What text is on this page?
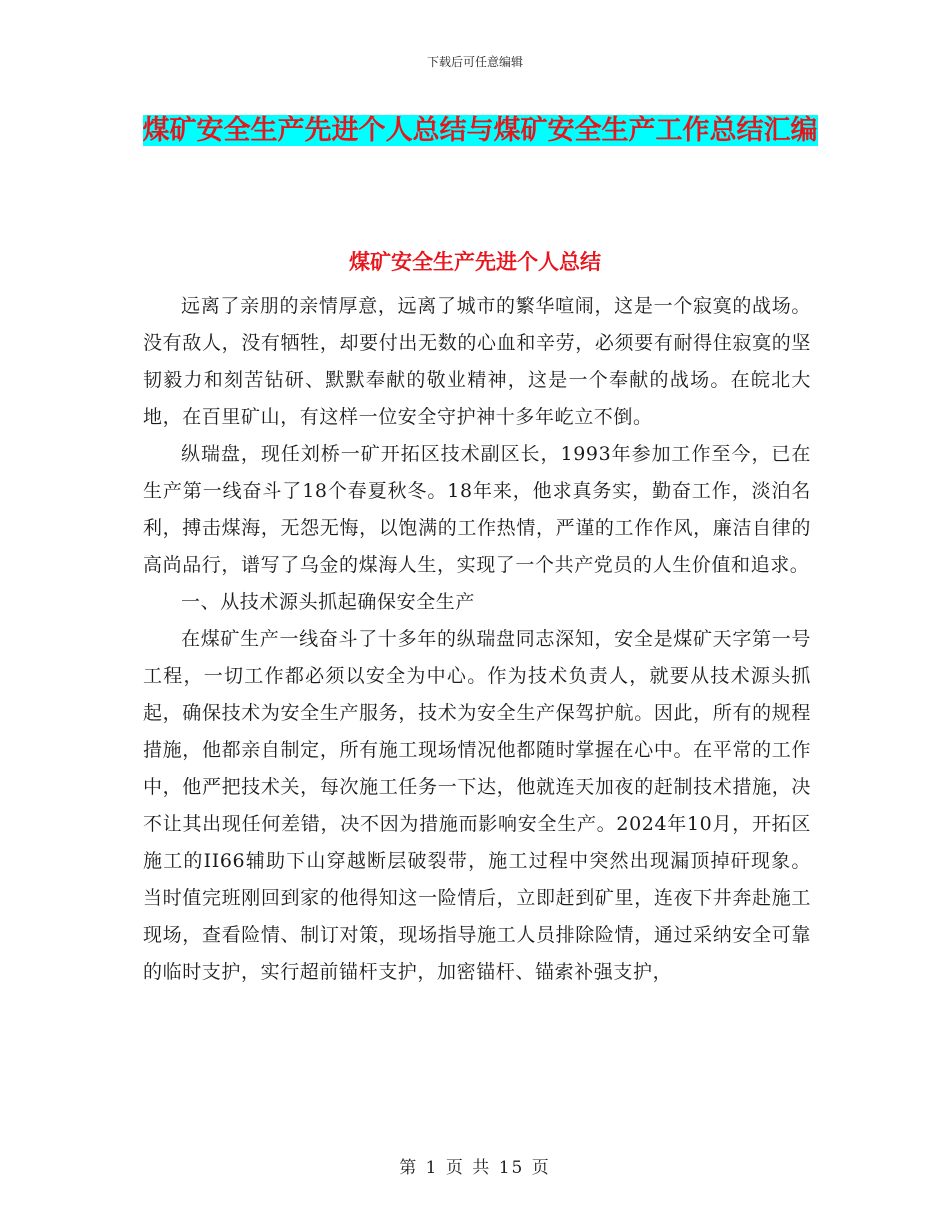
下载后可任意编辑
煤矿安全生产先进个人总结与煤矿安全生产工作总结汇编
煤矿安全生产先进个人总结

远离了亲朋的亲情厚意，远离了城市的繁华喧闹，这是一个寂寞的战场。没有敌人，没有牺牲，却要付出无数的心血和辛劳，必须要有耐得住寂寞的坚韧毅力和刻苦钻研、默默奉献的敬业精神，这是一个奉献的战场。在皖北大地，在百里矿山，有这样一位安全守护神十多年屹立不倒。

纵瑞盘，现任刘桥一矿开拓区技术副区长，1993年参加工作至今，已在生产第一线奋斗了18个春夏秋冬。18年来，他求真务实，勤奋工作，淡泊名利，搏击煤海，无怨无悔，以饱满的工作热情，严谨的工作作风，廉洁自律的高尚品行，谱写了乌金的煤海人生，实现了一个共产党员的人生价值和追求。

一、从技术源头抓起确保安全生产

在煤矿生产一线奋斗了十多年的纵瑞盘同志深知，安全是煤矿天字第一号工程，一切工作都必须以安全为中心。作为技术负责人，就要从技术源头抓起，确保技术为安全生产服务，技术为安全生产保驾护航。因此，所有的规程措施，他都亲自制定，所有施工现场情况他都随时掌握在心中。在平常的工作中，他严把技术关，每次施工任务一下达，他就连天加夜的赶制技术措施，决不让其出现任何差错，决不因为措施而影响安全生产。2024年10月，开拓区施工的II66辅助下山穿越断层破裂带，施工过程中突然出现漏顶掉矸现象。当时值完班刚回到家的他得知这一险情后，立即赶到矿里，连夜下井奔赴施工现场，查看险情、制订对策，现场指导施工人员排除险情，通过采纳安全可靠的临时支护，实行超前锚杆支护，加密锚杆、锚索补强支护，

第 1 页 共 15 页
